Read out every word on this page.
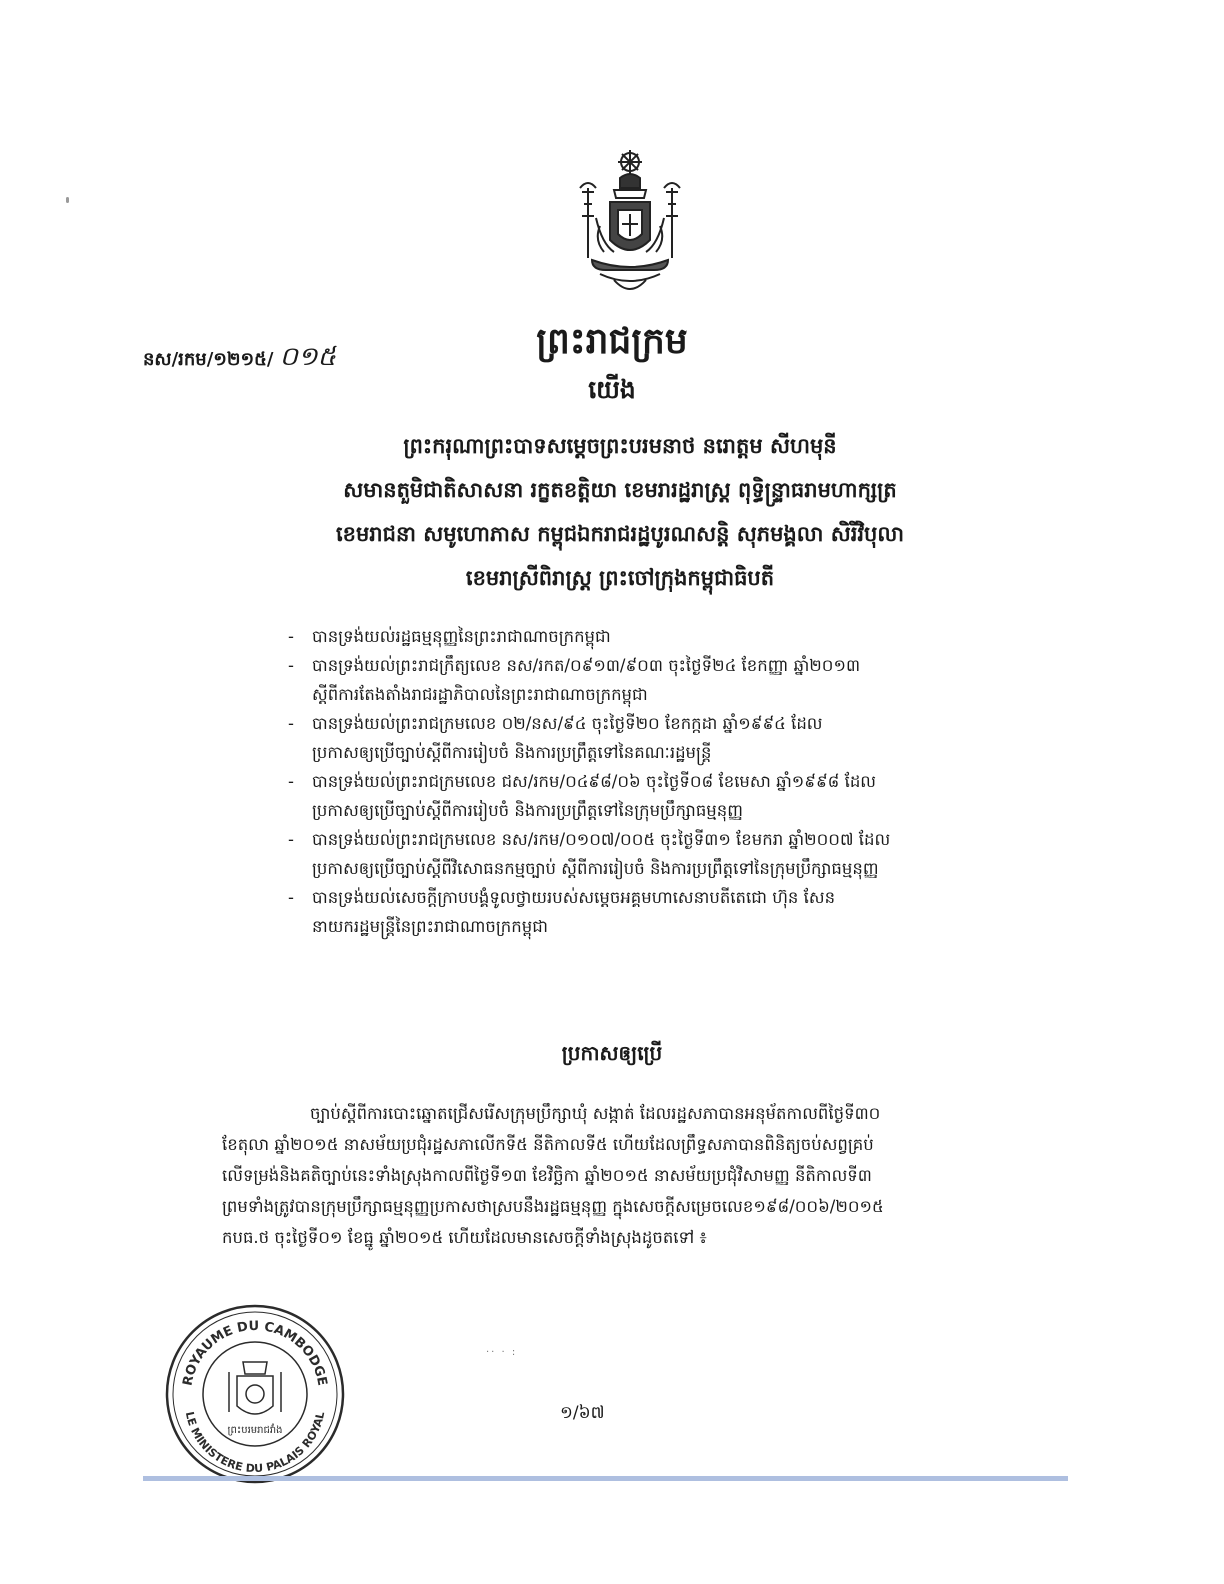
នស/រកម/១២១៥/ ០១៥	ព្រះរាជក្រម
យើង
ព្រះករុណាព្រះបាទសម្តេចព្រះបរមនាថ នរោត្តម សីហមុនី
សមានតួមិជាតិសាសនា រក្ខតខត្តិយា ខេមរារដ្ឋរាស្ត្រ ពុទ្ធិន្ទ្រាធរាមហាក្សត្រ
ខេមរាជនា សមូហោភាស កម្ពុជឯករាជរដ្ឋបូរណសន្តិ សុភមង្គលា សិរីវិបុលា
ខេមរាស្រីពិរាស្ត្រ ព្រះចៅក្រុងកម្ពុជាធិបតី
- បានទ្រង់យល់រដ្ឋធម្មនុញ្ញនៃព្រះរាជាណាចក្រកម្ពុជា
- បានទ្រង់យល់ព្រះរាជក្រឹត្យលេខ នស/រកត/០៩១៣/៩០៣ ចុះថ្ងៃទី២៤ ខែកញ្ញា ឆ្នាំ២០១៣
ស្តីពីការតែងតាំងរាជរដ្ឋាភិបាលនៃព្រះរាជាណាចក្រកម្ពុជា
- បានទ្រង់យល់ព្រះរាជក្រមលេខ ០២/នស/៩៤ ចុះថ្ងៃទី២០ ខែកក្កដា ឆ្នាំ១៩៩៤ ដែល
ប្រកាសឲ្យប្រើច្បាប់ស្តីពីការរៀបចំ និងការប្រព្រឹត្តទៅនៃគណៈរដ្ឋមន្ត្រី
- បានទ្រង់យល់ព្រះរាជក្រមលេខ ជស/រកម/០៤៩៨/០៦ ចុះថ្ងៃទី០៨ ខែមេសា ឆ្នាំ១៩៩៨ ដែល
ប្រកាសឲ្យប្រើច្បាប់ស្តីពីការរៀបចំ និងការប្រព្រឹត្តទៅនៃក្រុមប្រឹក្សាធម្មនុញ្ញ
- បានទ្រង់យល់ព្រះរាជក្រមលេខ នស/រកម/០១០៧/០០៥ ចុះថ្ងៃទី៣១ ខែមករា ឆ្នាំ២០០៧ ដែល
ប្រកាសឲ្យប្រើច្បាប់ស្តីពីវិសោធនកម្មច្បាប់ ស្តីពីការរៀបចំ និងការប្រព្រឹត្តទៅនៃក្រុមប្រឹក្សាធម្មនុញ្ញ
- បានទ្រង់យល់សេចក្តីក្រាបបង្គំទូលថ្វាយរបស់សម្តេចអគ្គមហាសេនាបតីតេជោ ហ៊ុន សែន
នាយករដ្ឋមន្ត្រីនៃព្រះរាជាណាចក្រកម្ពុជា
ប្រកាសឲ្យប្រើ
ច្បាប់ស្តីពីការបោះឆ្នោតជ្រើសរើសក្រុមប្រឹក្សាឃុំ សង្កាត់ ដែលរដ្ឋសភាបានអនុម័តកាលពីថ្ងៃទី៣០
ខែតុលា ឆ្នាំ២០១៥ នាសម័យប្រជុំរដ្ឋសភាលើកទី៥ នីតិកាលទី៥ ហើយដែលព្រឹទ្ធសភាបានពិនិត្យចប់សព្វគ្រប់
លើទម្រង់និងគតិច្បាប់នេះទាំងស្រុងកាលពីថ្ងៃទី១៣ ខែវិច្ឆិកា ឆ្នាំ២០១៥ នាសម័យប្រជុំវិសាមញ្ញ នីតិកាលទី៣
ព្រមទាំងត្រូវបានក្រុមប្រឹក្សាធម្មនុញ្ញប្រកាសថាស្របនឹងរដ្ឋធម្មនុញ្ញ ក្នុងសេចក្តីសម្រេចលេខ១៩៨/០០៦/២០១៥
កបធ.ថ ចុះថ្ងៃទី០១ ខែធ្នូ ឆ្នាំ២០១៥ ហើយដែលមានសេចក្តីទាំងស្រុងដូចតទៅ ៖
·· · :
ROYAUME DU CAMBODGE
LE MINISTERE DU PALAIS ROYAL
ព្រះបរមរាជវាំង
១/៦៧
